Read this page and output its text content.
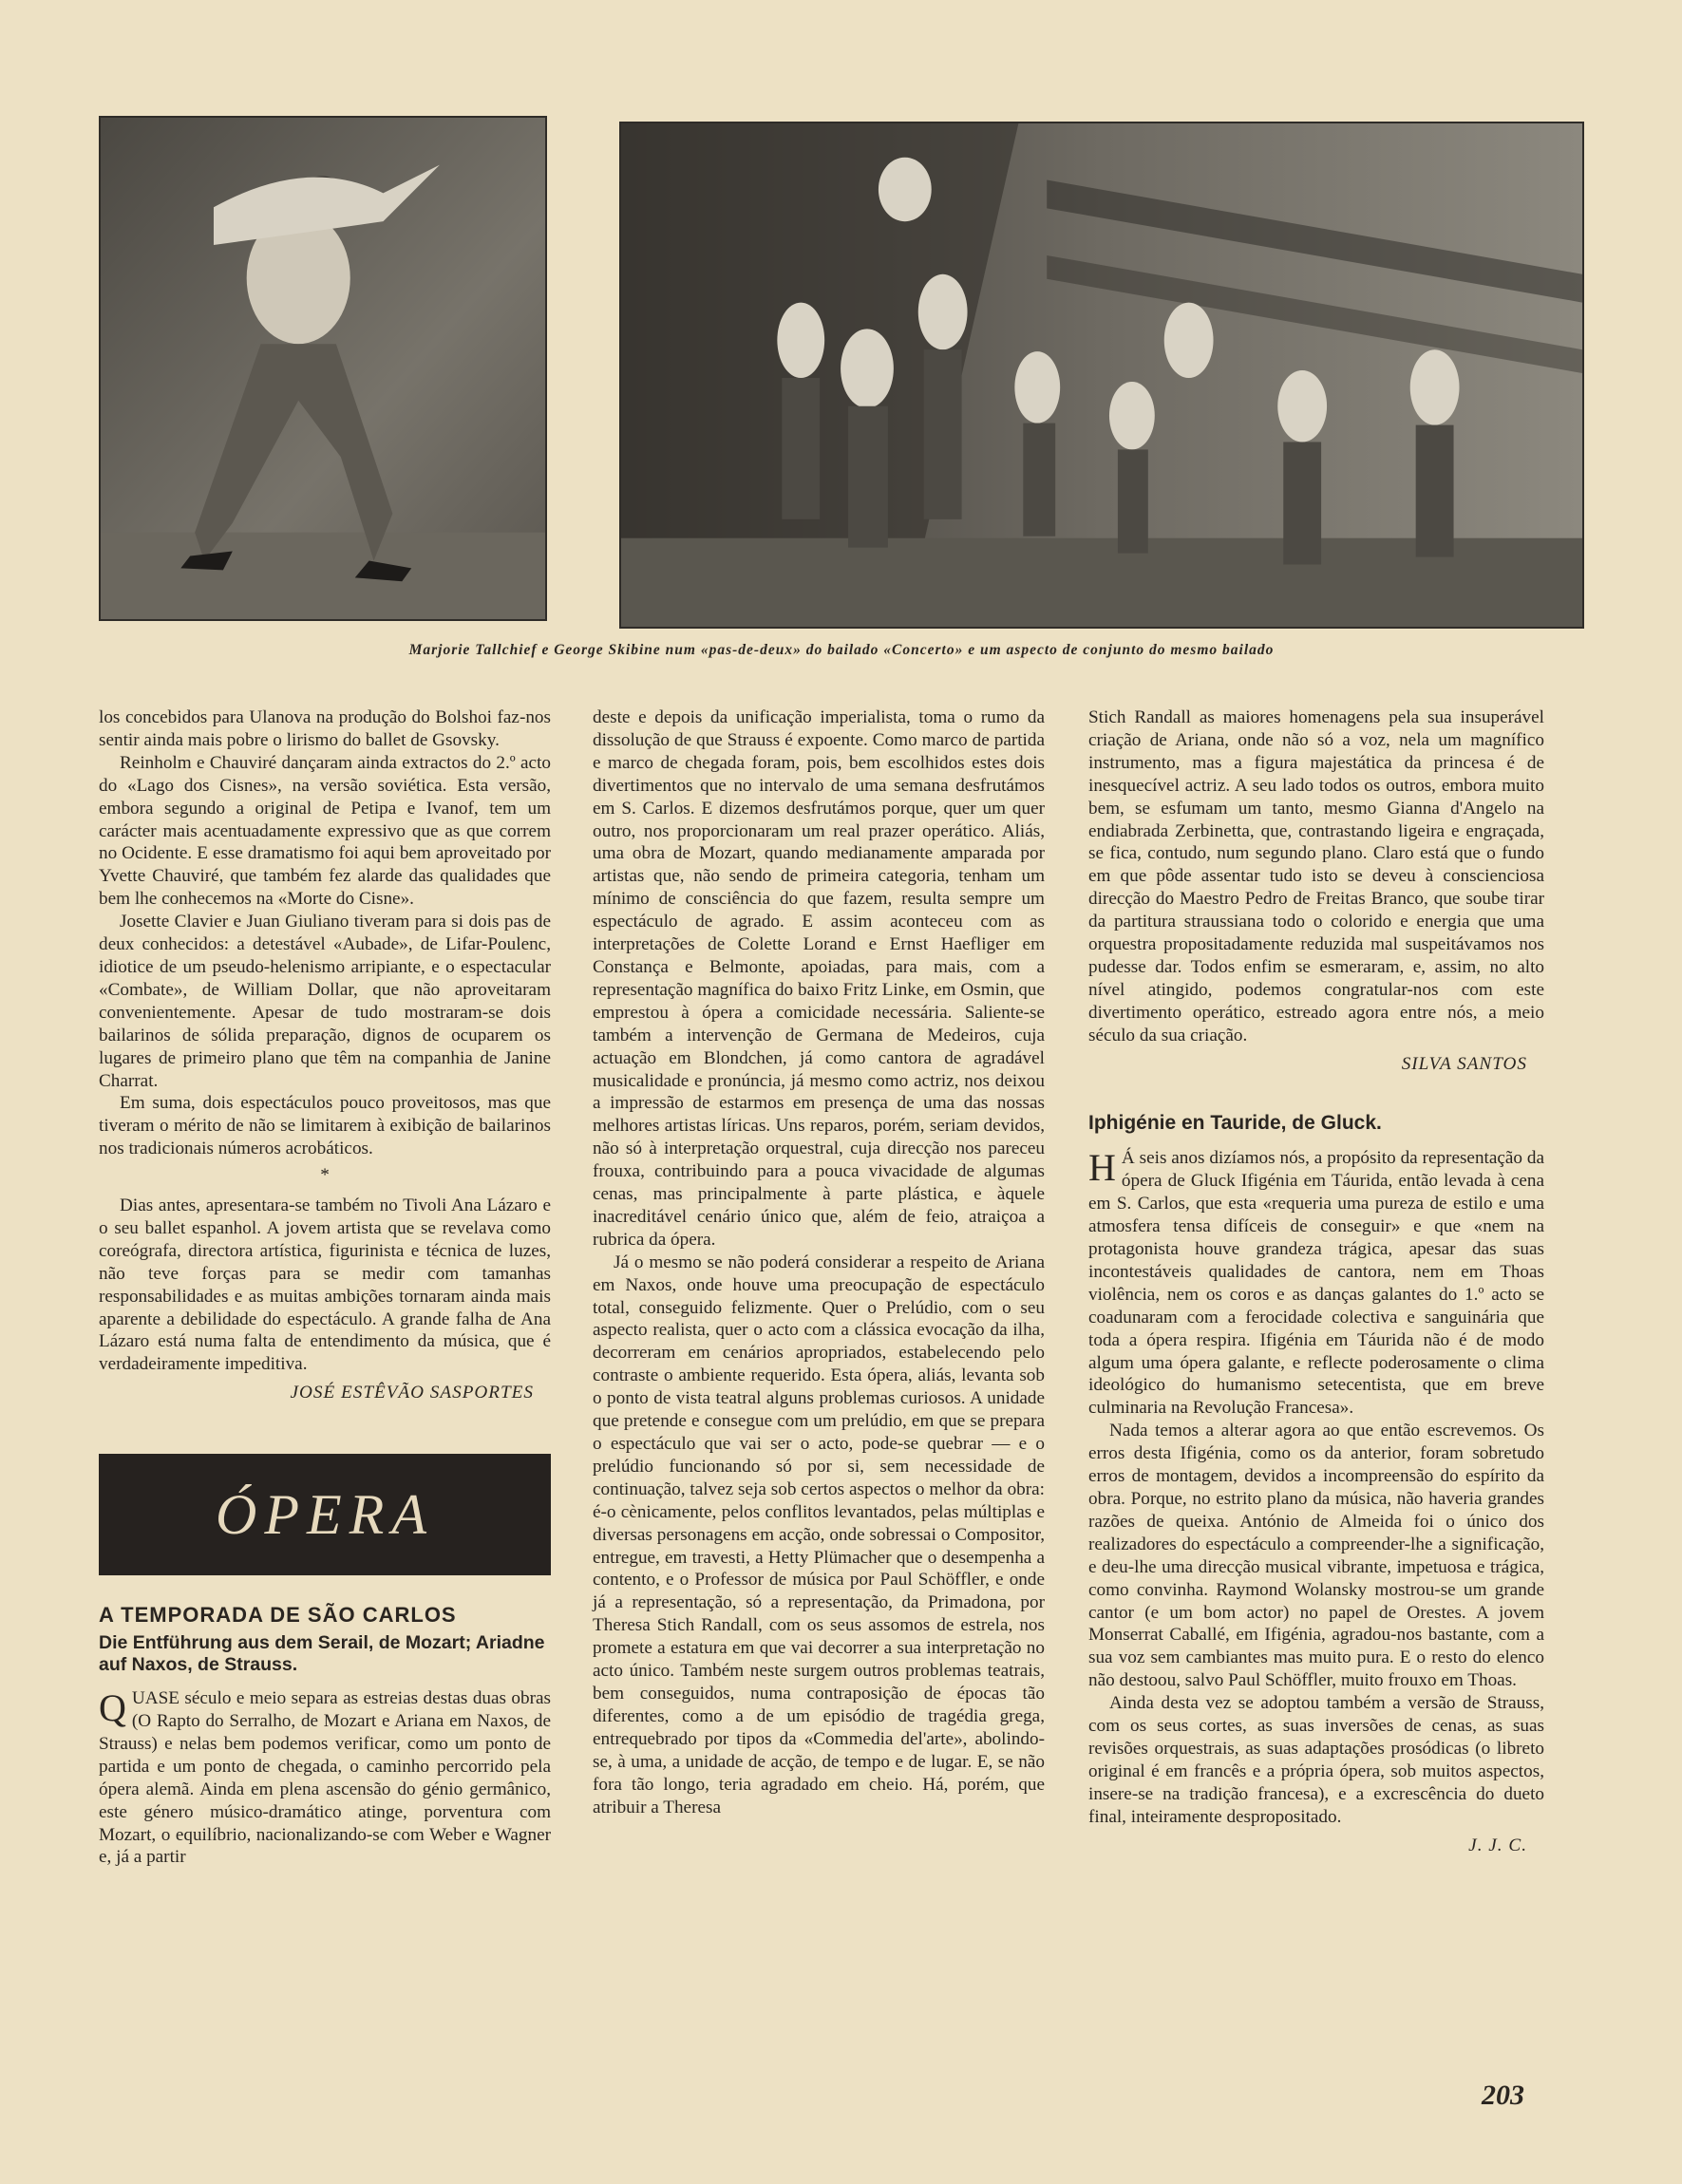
Marjorie Tallchief e George Skibine num «pas-de-deux» do bailado «Concerto» e um aspecto de conjunto do mesmo bailado

los concebidos para Ulanova na produção do Bolshoi faz-nos sentir ainda mais pobre o lirismo do ballet de Gsovsky.

Reinholm e Chauviré dançaram ainda extractos do 2.º acto do «Lago dos Cisnes», na versão soviética. Esta versão, embora segundo a original de Petipa e Ivanof, tem um carácter mais acentuadamente expressivo que as que correm no Ocidente. E esse dramatismo foi aqui bem aproveitado por Yvette Chauviré, que também fez alarde das qualidades que bem lhe conhecemos na «Morte do Cisne».

Josette Clavier e Juan Giuliano tiveram para si dois pas de deux conhecidos: a detestável «Aubade», de Lifar-Poulenc, idiotice de um pseudo-helenismo arripiante, e o espectacular «Combate», de William Dollar, que não aproveitaram convenientemente. Apesar de tudo mostraram-se dois bailarinos de sólida preparação, dignos de ocuparem os lugares de primeiro plano que têm na companhia de Janine Charrat.

Em suma, dois espectáculos pouco proveitosos, mas que tiveram o mérito de não se limitarem à exibição de bailarinos nos tradicionais números acrobáticos.

*

Dias antes, apresentara-se também no Tivoli Ana Lázaro e o seu ballet espanhol. A jovem artista que se revelava como coreógrafa, directora artística, figurinista e técnica de luzes, não teve forças para se medir com tamanhas responsabilidades e as muitas ambições tornaram ainda mais aparente a debilidade do espectáculo. A grande falha de Ana Lázaro está numa falta de entendimento da música, que é verdadeiramente impeditiva.

JOSÉ ESTÊVÃO SASPORTES
ÓPERA
A TEMPORADA DE SÃO CARLOS
Die Entführung aus dem Serail, de Mozart; Ariadne auf Naxos, de Strauss.

QUASE século e meio separa as estreias destas duas obras (O Rapto do Serralho, de Mozart e Ariana em Naxos, de Strauss) e nelas bem podemos verificar, como um ponto de partida e um ponto de chegada, o caminho percorrido pela ópera alemã. Ainda em plena ascensão do génio germânico, este género músico-dramático atinge, porventura com Mozart, o equilíbrio, nacionalizando-se com Weber e Wagner e, já a partir

deste e depois da unificação imperialista, toma o rumo da dissolução de que Strauss é expoente. Como marco de partida e marco de chegada foram, pois, bem escolhidos estes dois divertimentos que no intervalo de uma semana desfrutámos em S. Carlos. E dizemos desfrutámos porque, quer um quer outro, nos proporcionaram um real prazer operático. Aliás, uma obra de Mozart, quando medianamente amparada por artistas que, não sendo de primeira categoria, tenham um mínimo de consciência do que fazem, resulta sempre um espectáculo de agrado. E assim aconteceu com as interpretações de Colette Lorand e Ernst Haefliger em Constança e Belmonte, apoiadas, para mais, com a representação magnífica do baixo Fritz Linke, em Osmin, que emprestou à ópera a comicidade necessária. Saliente-se também a intervenção de Germana de Medeiros, cuja actuação em Blondchen, já como cantora de agradável musicalidade e pronúncia, já mesmo como actriz, nos deixou a impressão de estarmos em presença de uma das nossas melhores artistas líricas. Uns reparos, porém, seriam devidos, não só à interpretação orquestral, cuja direcção nos pareceu frouxa, contribuindo para a pouca vivacidade de algumas cenas, mas principalmente à parte plástica, e àquele inacreditável cenário único que, além de feio, atraiçoa a rubrica da ópera.

Já o mesmo se não poderá considerar a respeito de Ariana em Naxos, onde houve uma preocupação de espectáculo total, conseguido felizmente. Quer o Prelúdio, com o seu aspecto realista, quer o acto com a clássica evocação da ilha, decorreram em cenários apropriados, estabelecendo pelo contraste o ambiente requerido. Esta ópera, aliás, levanta sob o ponto de vista teatral alguns problemas curiosos. A unidade que pretende e consegue com um prelúdio, em que se prepara o espectáculo que vai ser o acto, pode-se quebrar — e o prelúdio funcionando só por si, sem necessidade de continuação, talvez seja sob certos aspectos o melhor da obra: é-o cènicamente, pelos conflitos levantados, pelas múltiplas e diversas personagens em acção, onde sobressai o Compositor, entregue, em travesti, a Hetty Plümacher que o desempenha a contento, e o Professor de música por Paul Schöffler, e onde já a representação, só a representação, da Primadona, por Theresa Stich Randall, com os seus assomos de estrela, nos promete a estatura em que vai decorrer a sua interpretação no acto único. Também neste surgem outros problemas teatrais, bem conseguidos, numa contraposição de épocas tão diferentes, como a de um episódio de tragédia grega, entrequebrado por tipos da «Commedia del'arte», abolindo-se, à uma, a unidade de acção, de tempo e de lugar. E, se não fora tão longo, teria agradado em cheio. Há, porém, que atribuir a Theresa

Stich Randall as maiores homenagens pela sua insuperável criação de Ariana, onde não só a voz, nela um magnífico instrumento, mas a figura majestática da princesa é de inesquecível actriz. A seu lado todos os outros, embora muito bem, se esfumam um tanto, mesmo Gianna d'Angelo na endiabrada Zerbinetta, que, contrastando ligeira e engraçada, se fica, contudo, num segundo plano. Claro está que o fundo em que pôde assentar tudo isto se deveu à conscienciosa direcção do Maestro Pedro de Freitas Branco, que soube tirar da partitura straussiana todo o colorido e energia que uma orquestra propositadamente reduzida mal suspeitávamos nos pudesse dar. Todos enfim se esmeraram, e, assim, no alto nível atingido, podemos congratular-nos com este divertimento operático, estreado agora entre nós, a meio século da sua criação.

SILVA SANTOS
Iphigénie en Tauride, de Gluck.

H Á seis anos dizíamos nós, a propósito da representação da ópera de Gluck Ifigénia em Táurida, então levada à cena em S. Carlos, que esta «requeria uma pureza de estilo e uma atmosfera tensa difíceis de conseguir» e que «nem na protagonista houve grandeza trágica, apesar das suas incontestáveis qualidades de cantora, nem em Thoas violência, nem os coros e as danças galantes do 1.º acto se coadunaram com a ferocidade colectiva e sanguinária que toda a ópera respira. Ifigénia em Táurida não é de modo algum uma ópera galante, e reflecte poderosamente o clima ideológico do humanismo setecentista, que em breve culminaria na Revolução Francesa».

Nada temos a alterar agora ao que então escrevemos. Os erros desta Ifigénia, como os da anterior, foram sobretudo erros de montagem, devidos a incompreensão do espírito da obra. Porque, no estrito plano da música, não haveria grandes razões de queixa. António de Almeida foi o único dos realizadores do espectáculo a compreender-lhe a significação, e deu-lhe uma direcção musical vibrante, impetuosa e trágica, como convinha. Raymond Wolansky mostrou-se um grande cantor (e um bom actor) no papel de Orestes. A jovem Monserrat Caballé, em Ifigénia, agradou-nos bastante, com a sua voz sem cambiantes mas muito pura. E o resto do elenco não destoou, salvo Paul Schöffler, muito frouxo em Thoas.

Ainda desta vez se adoptou também a versão de Strauss, com os seus cortes, as suas inversões de cenas, as suas revisões orquestrais, as suas adaptações prosódicas (o libreto original é em francês e a própria ópera, sob muitos aspectos, insere-se na tradição francesa), e a excrescência do dueto final, inteiramente despropositado.

J. J. C.
203
